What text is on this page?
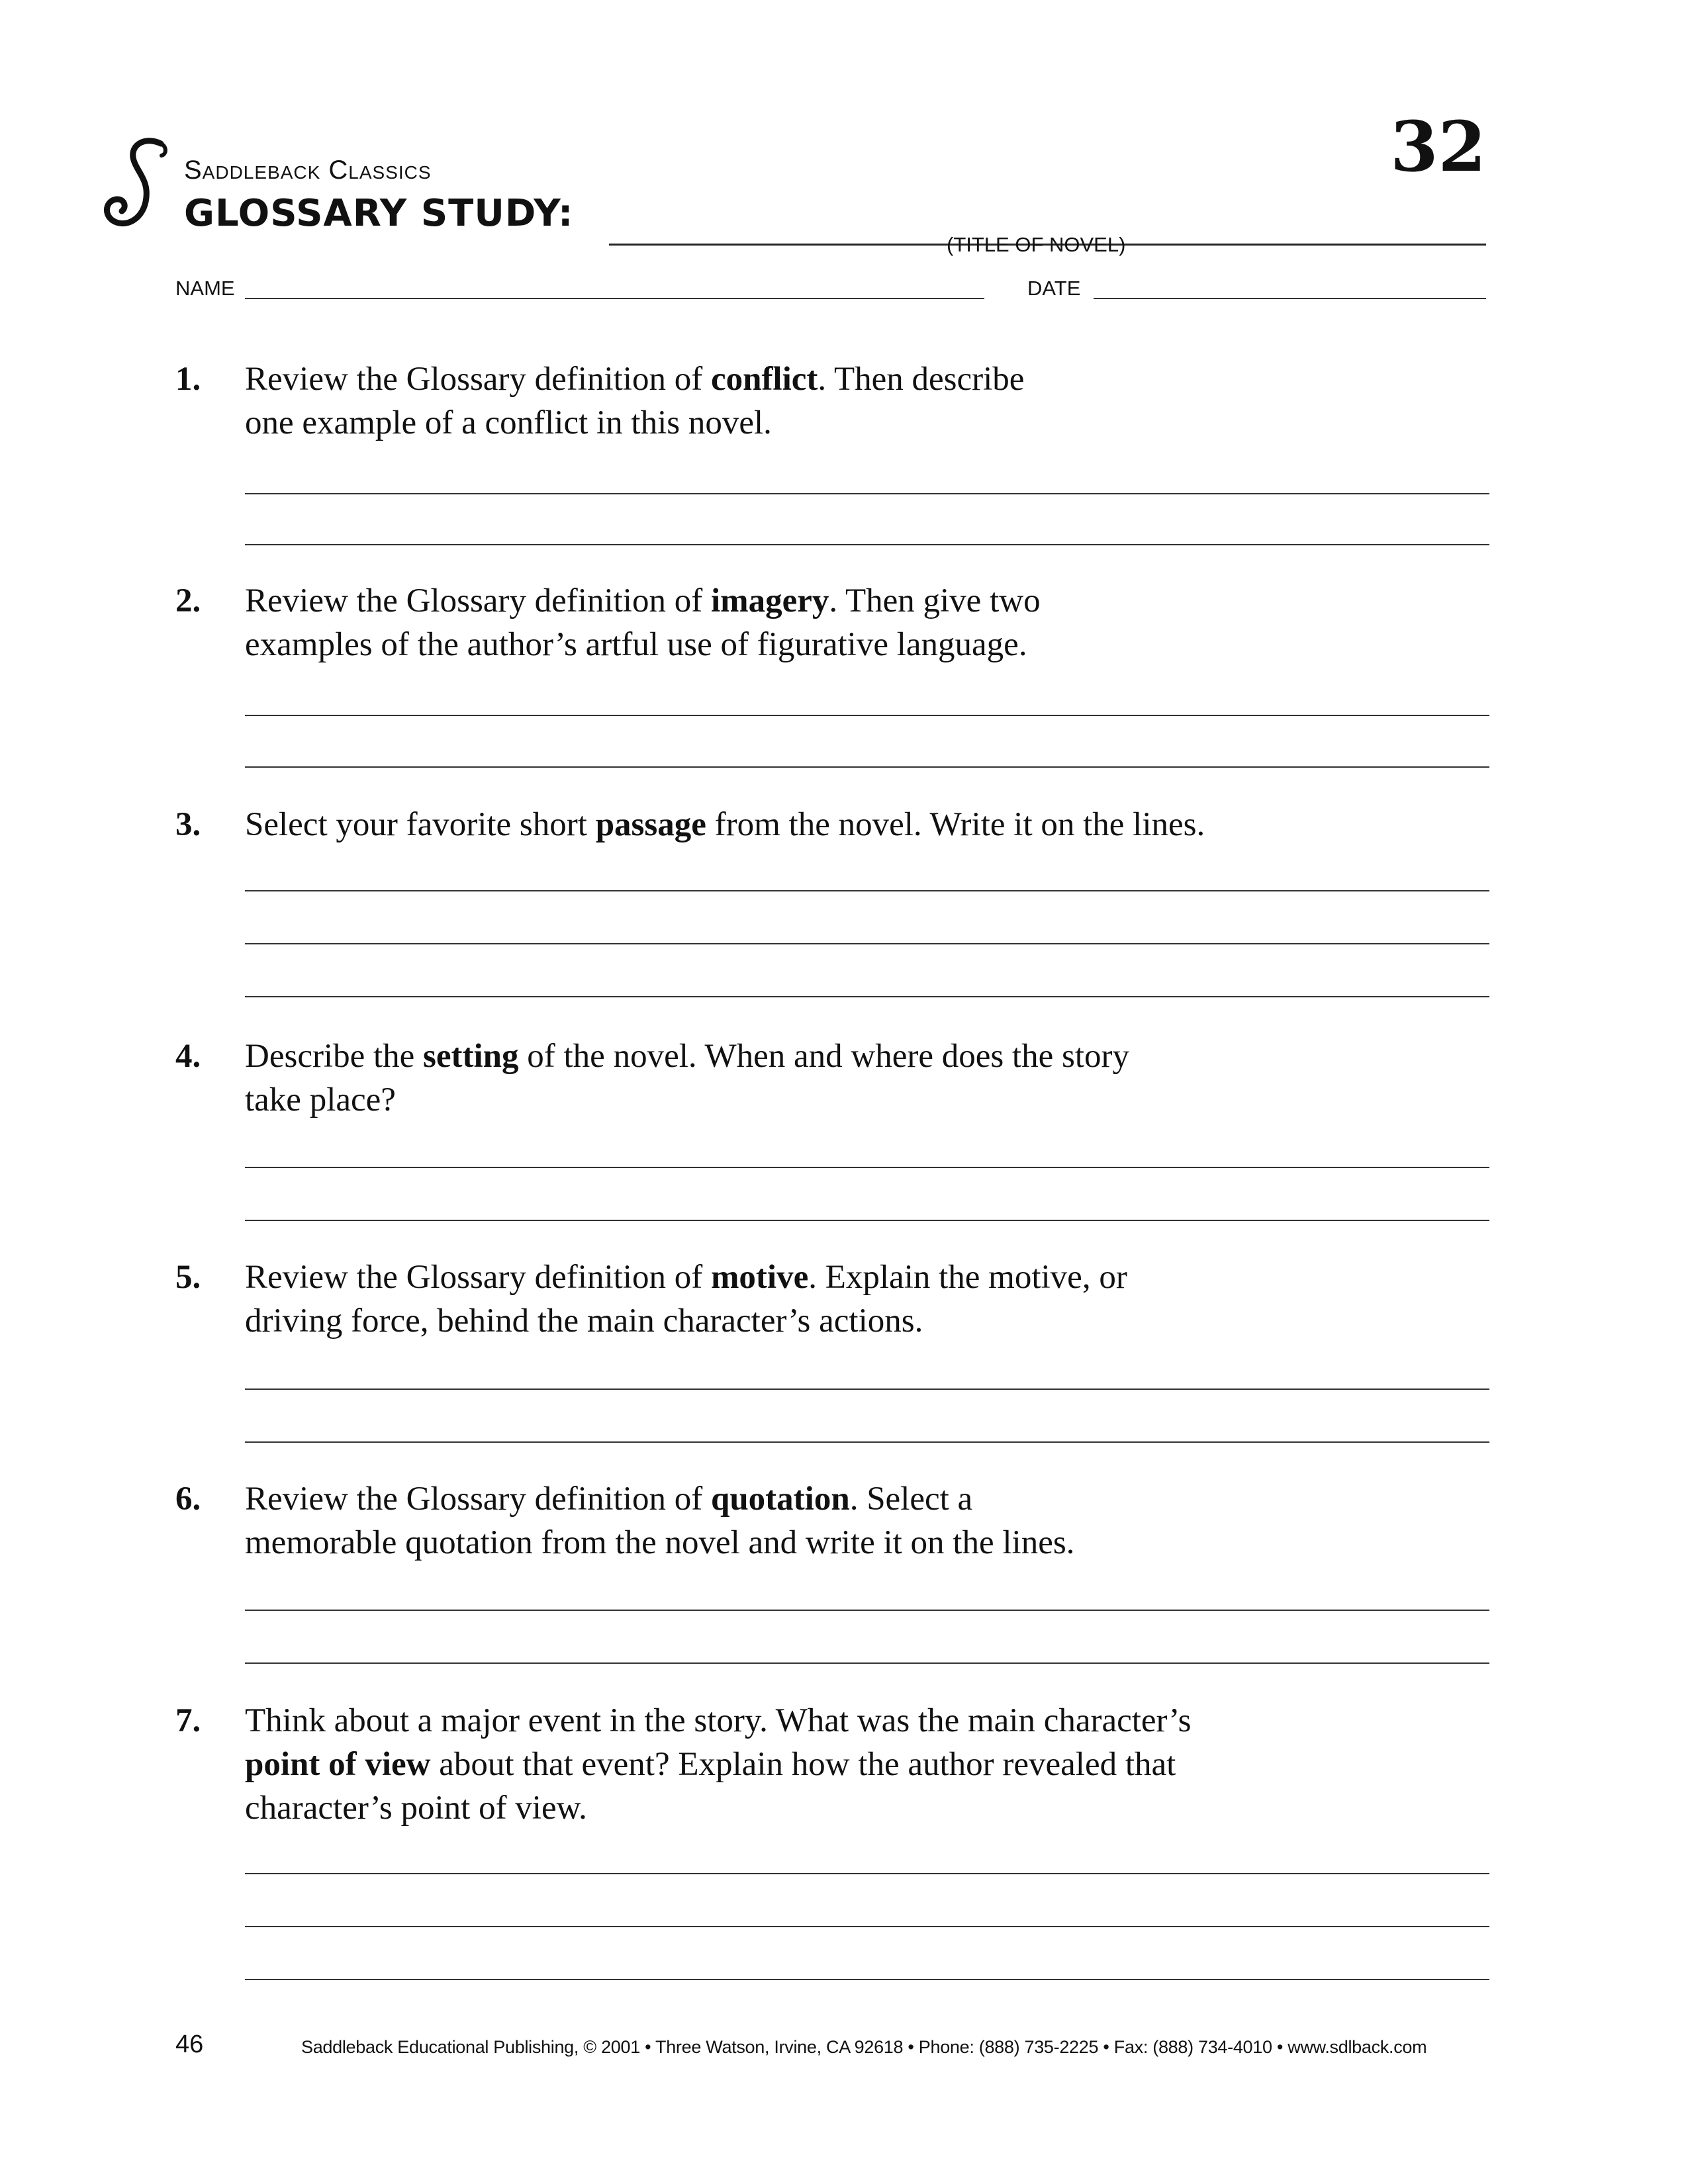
Saddleback Classics	32
GLOSSARY STUDY:
(TITLE OF NOVEL)
NAME	DATE
1. Review the Glossary definition of conflict. Then describe
one example of a conflict in this novel.
2. Review the Glossary definition of imagery. Then give two
examples of the author’s artful use of figurative language.
3. Select your favorite short passage from the novel. Write it on the lines.
4. Describe the setting of the novel. When and where does the story
take place?
5. Review the Glossary definition of motive. Explain the motive, or
driving force, behind the main character’s actions.
6. Review the Glossary definition of quotation. Select a
memorable quotation from the novel and write it on the lines.
7. Think about a major event in the story. What was the main character’s
point of view about that event? Explain how the author revealed that
character’s point of view.
46	Saddleback Educational Publishing, © 2001 • Three Watson, Irvine, CA 92618 • Phone: (888) 735-2225 • Fax: (888) 734-4010 • www.sdlback.com
